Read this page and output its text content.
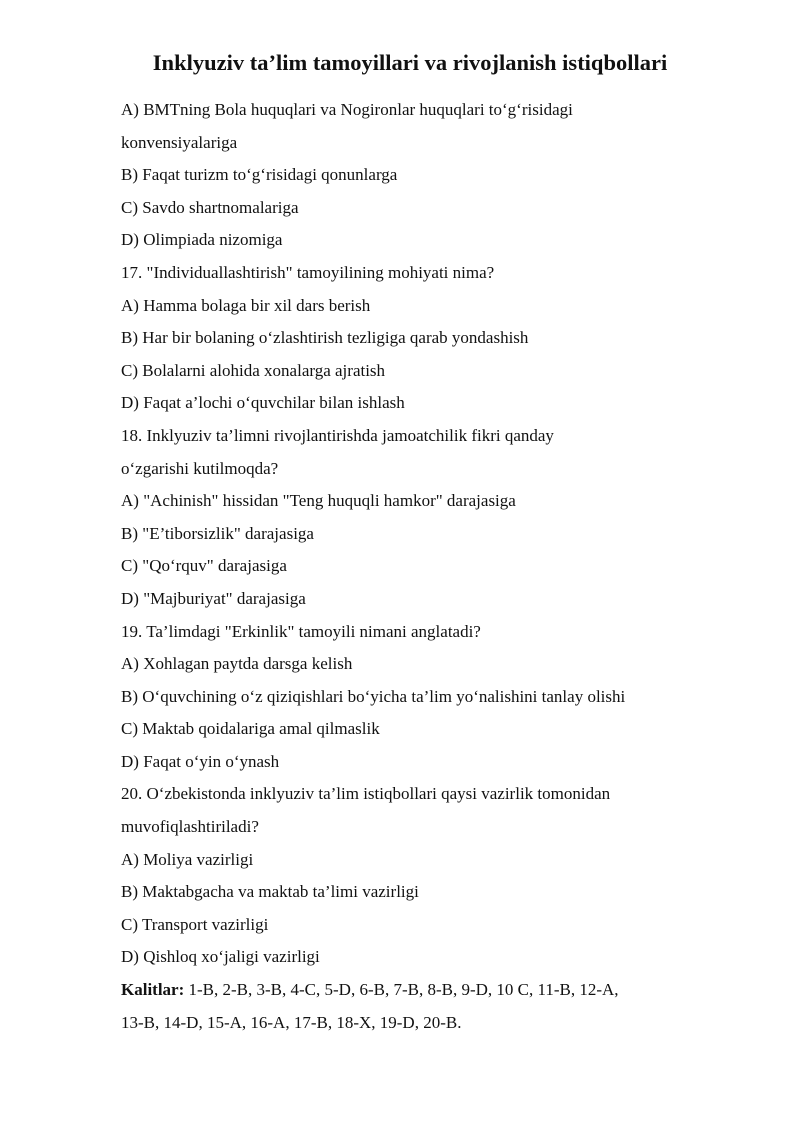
Inklyuziv ta’lim tamoyillari va rivojlanish istiqbollari
A) BMTning Bola huquqlari va Nogironlar huquqlari to‘g‘risidagi
konvensiyalariga
B) Faqat turizm to‘g‘risidagi qonunlarga
C) Savdo shartnomalariga
D) Olimpiada nizomiga
17. "Individuallashtirish" tamoyilining mohiyati nima?
A) Hamma bolaga bir xil dars berish
B) Har bir bolaning o‘zlashtirish tezligiga qarab yondashish
C) Bolalarni alohida xonalarga ajratish
D) Faqat a’lochi o‘quvchilar bilan ishlash
18. Inklyuziv ta’limni rivojlantirishda jamoatchilik fikri qanday
o‘zgarishi kutilmoqda?
A) "Achinish" hissidan "Teng huquqli hamkor" darajasiga
B) "E’tiborsizlik" darajasiga
C) "Qo‘rquv" darajasiga
D) "Majburiyat" darajasiga
19. Ta’limdagi "Erkinlik" tamoyili nimani anglatadi?
A) Xohlagan paytda darsga kelish
B) O‘quvchining o‘z qiziqishlari bo‘yicha ta’lim yo‘nalishini tanlay olishi
C) Maktab qoidalariga amal qilmaslik
D) Faqat o‘yin o‘ynash
20. O‘zbekistonda inklyuziv ta’lim istiqbollari qaysi vazirlik tomonidan
muvofiqlashtiriladi?
A) Moliya vazirligi
B) Maktabgacha va maktab ta’limi vazirligi
C) Transport vazirligi
D) Qishloq xo‘jaligi vazirligi
Kalitlar: 1-B, 2-B, 3-B, 4-C, 5-D, 6-B, 7-B, 8-B, 9-D, 10 C, 11-B, 12-A,
13-B, 14-D, 15-A, 16-A, 17-B, 18-X, 19-D, 20-B.
